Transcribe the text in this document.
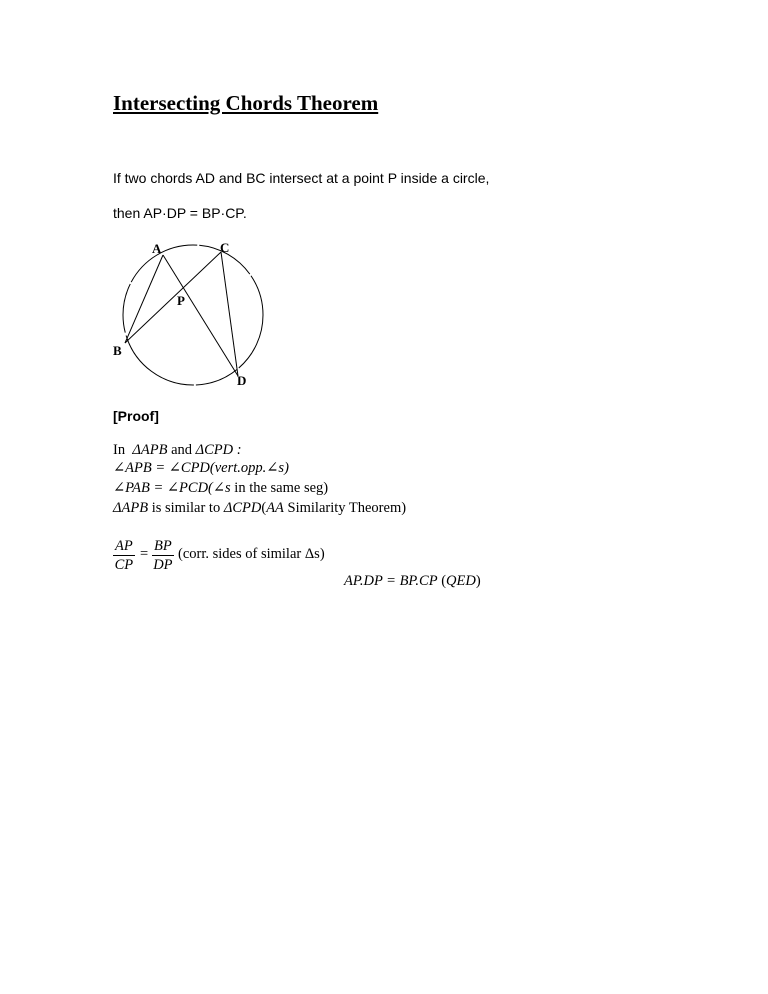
Intersecting Chords Theorem
If two chords AD and BC intersect at a point P inside a circle,
then AP·DP = BP·CP.
A	C
P
B
D
[Proof]
In ΔAPB and ΔCPD :
∠APB = ∠CPD(vert.opp.∠s)
∠PAB = ∠PCD(∠s in the same seg)
ΔAPB is similar to ΔCPD(AA Similarity Theorem)
$\frac{AP}{CP} = \frac{BP}{DP}$ (corr. sides of similar Δs)
AP.DP = BP.CP (QED)
